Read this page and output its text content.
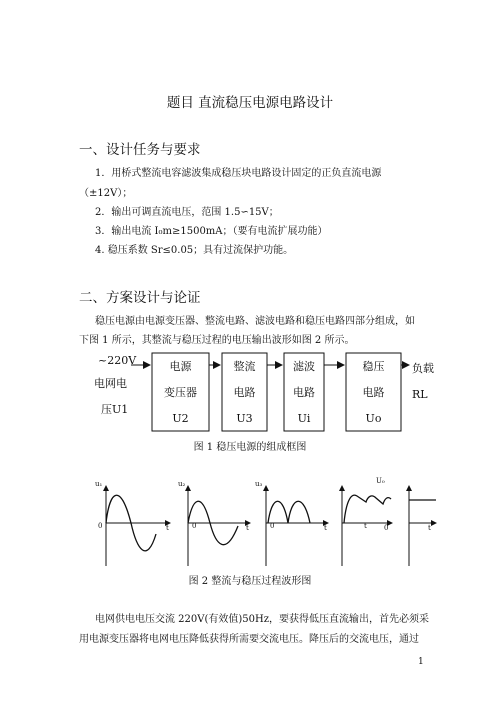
题目 直流稳压电源电路设计
一、设计任务与要求
1．用桥式整流电容滤波集成稳压块电路设计固定的正负直流电源
（±12V）；
2．输出可调直流电压，范围 1.5∽15V；
3．输出电流 I₀m≥1500mA；（要有电流扩展功能）
4. 稳压系数 Sr≤0.05；具有过流保护功能。
二、方案设计与论证
稳压电源由电源变压器、整流电路、滤波电路和稳压电路四部分组成，如
下图 1 所示，其整流与稳压过程的电压输出波形如图 2 所示。
~220V
电网电
压U1
电源
变压器
U2
整流
电路
U3
滤波
电路
Ui
稳压
电路
Uo
负载
RL
图 1 稳压电源的组成框图
u₁
0	t
u₂
0	t
u₃
0	t
U₀
t 0	t
图 2 整流与稳压过程波形图
电网供电电压交流 220V(有效值)50Hz，要获得低压直流输出，首先必须采
用电源变压器将电网电压降低获得所需要交流电压。降压后的交流电压，通过
1
